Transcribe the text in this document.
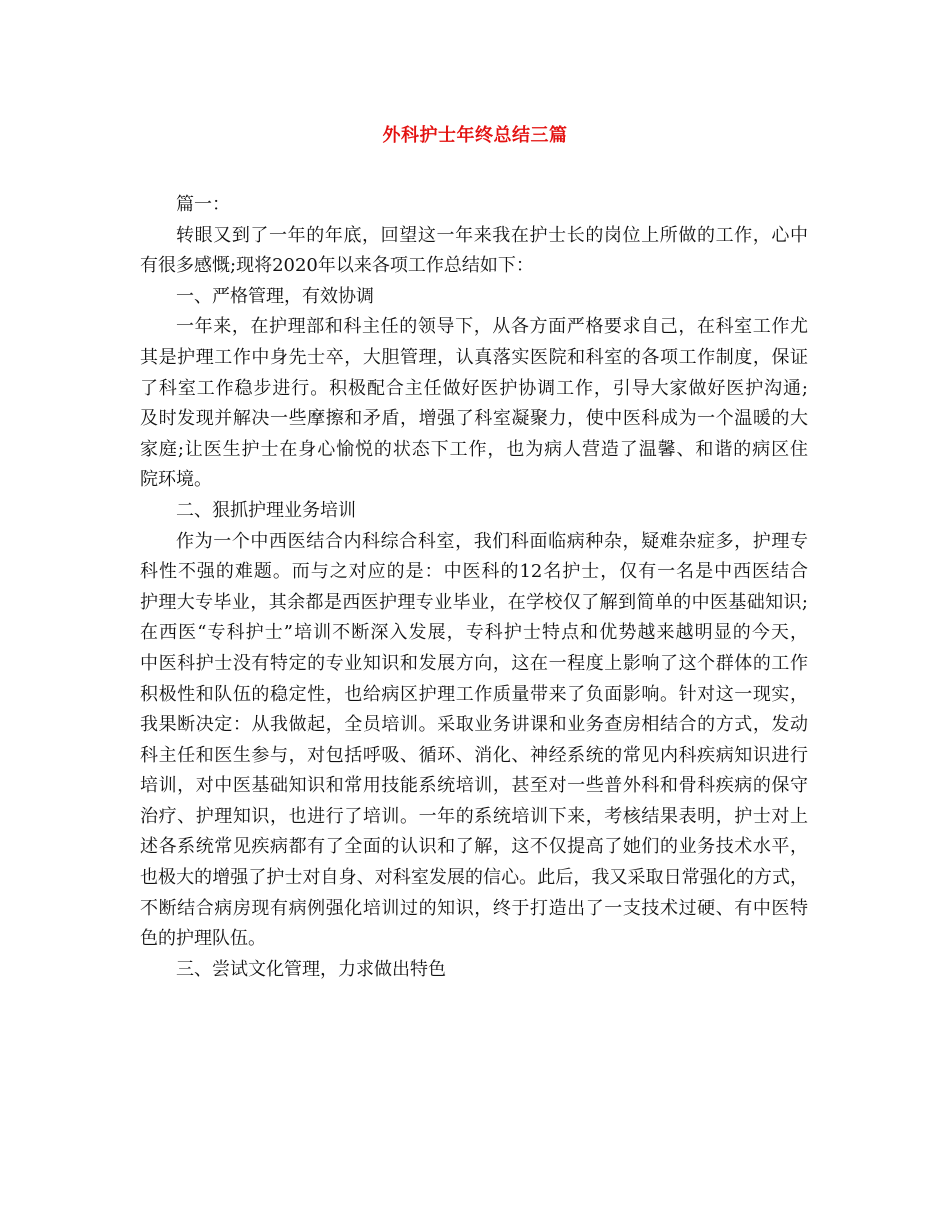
外科护士年终总结三篇
篇一：
转眼又到了一年的年底，回望这一年来我在护士长的岗位上所做的工作，心中
有很多感慨;现将2020年以来各项工作总结如下：
一、严格管理，有效协调
一年来，在护理部和科主任的领导下，从各方面严格要求自己，在科室工作尤
其是护理工作中身先士卒，大胆管理，认真落实医院和科室的各项工作制度，保证
了科室工作稳步进行。积极配合主任做好医护协调工作，引导大家做好医护沟通;
及时发现并解决一些摩擦和矛盾，增强了科室凝聚力，使中医科成为一个温暖的大
家庭;让医生护士在身心愉悦的状态下工作，也为病人营造了温馨、和谐的病区住
院环境。
二、狠抓护理业务培训
作为一个中西医结合内科综合科室，我们科面临病种杂，疑难杂症多，护理专
科性不强的难题。而与之对应的是：中医科的12名护士，仅有一名是中西医结合
护理大专毕业，其余都是西医护理专业毕业，在学校仅了解到简单的中医基础知识;
在西医“专科护士”培训不断深入发展，专科护士特点和优势越来越明显的今天，
中医科护士没有特定的专业知识和发展方向，这在一程度上影响了这个群体的工作
积极性和队伍的稳定性，也给病区护理工作质量带来了负面影响。针对这一现实，
我果断决定：从我做起，全员培训。采取业务讲课和业务查房相结合的方式，发动
科主任和医生参与，对包括呼吸、循环、消化、神经系统的常见内科疾病知识进行
培训，对中医基础知识和常用技能系统培训，甚至对一些普外科和骨科疾病的保守
治疗、护理知识，也进行了培训。一年的系统培训下来，考核结果表明，护士对上
述各系统常见疾病都有了全面的认识和了解，这不仅提高了她们的业务技术水平，
也极大的增强了护士对自身、对科室发展的信心。此后，我又采取日常强化的方式，
不断结合病房现有病例强化培训过的知识，终于打造出了一支技术过硬、有中医特
色的护理队伍。
三、尝试文化管理，力求做出特色
